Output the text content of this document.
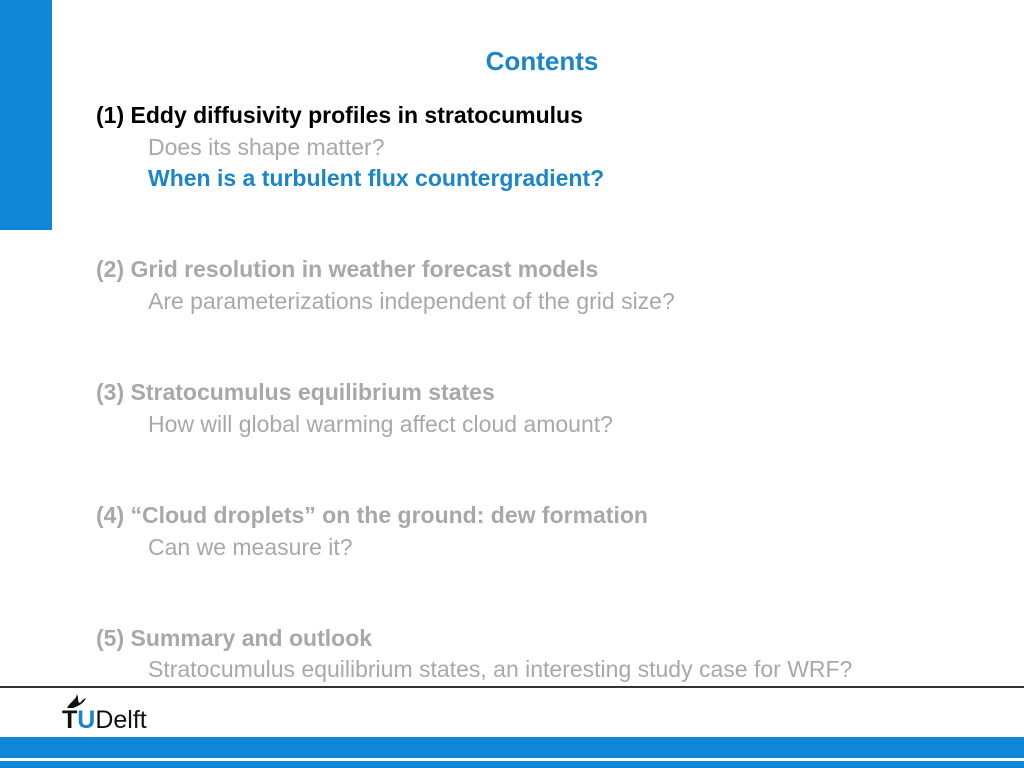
Contents
(1) Eddy diffusivity profiles in stratocumulus
Does its shape matter?
When is a turbulent flux countergradient?
(2) Grid resolution in weather forecast models
Are parameterizations independent of the grid size?
(3) Stratocumulus equilibrium states
How will global warming affect cloud amount?
(4) “Cloud droplets” on the ground: dew formation
Can we measure it?
(5) Summary and outlook
Stratocumulus equilibrium states, an interesting study case for WRF?
TUDelft
